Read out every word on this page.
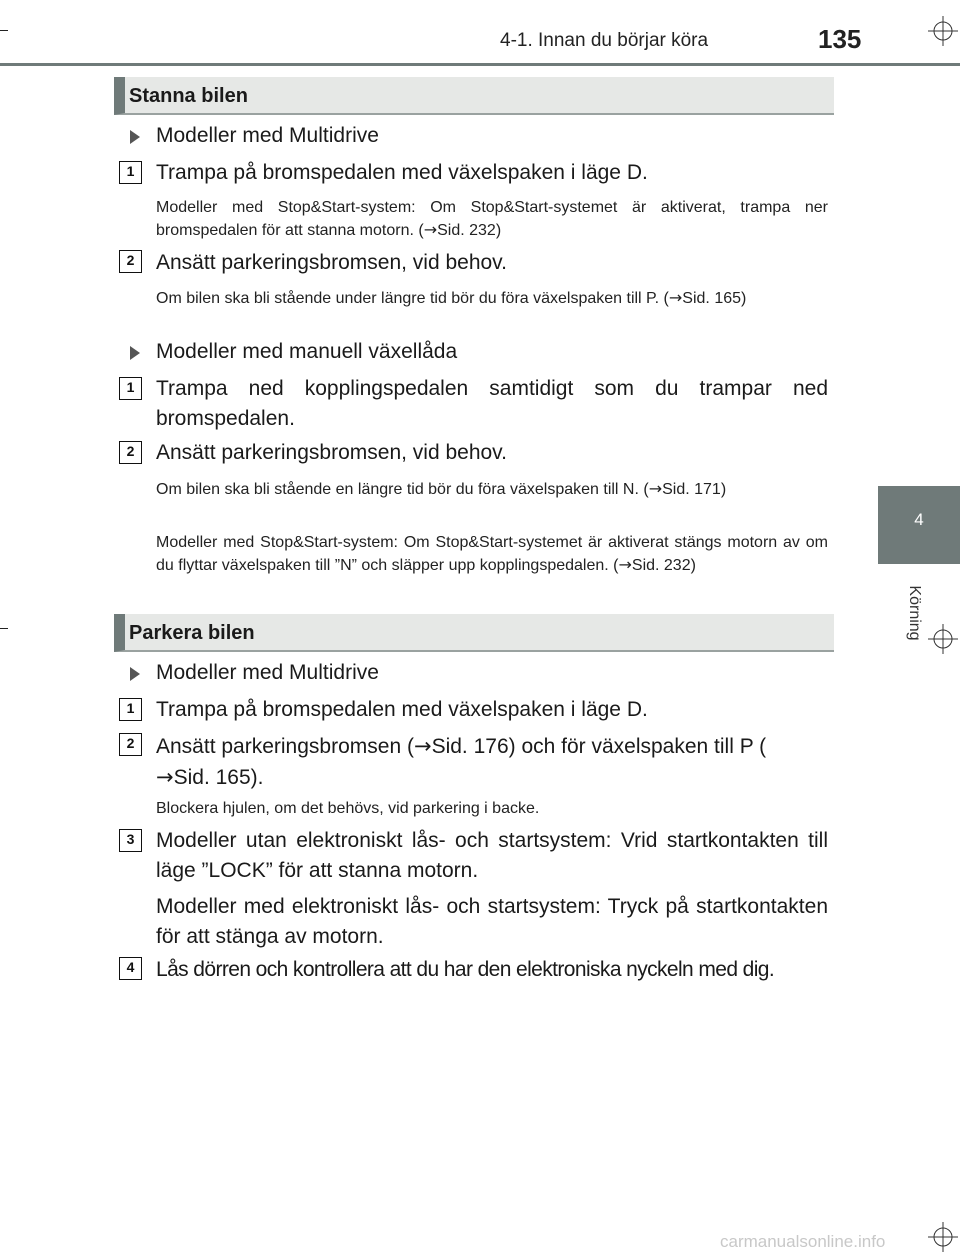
4-1. Innan du börjar köra	135
4
Körning
Stanna bilen
Modeller med Multidrive
1	Trampa på bromspedalen med växelspaken i läge D.
Modeller med Stop&Start-system: Om Stop&Start-systemet är aktiverat, trampa ner bromspedalen för att stanna motorn. (→Sid. 232)
2	Ansätt parkeringsbromsen, vid behov.
Om bilen ska bli stående under längre tid bör du föra växelspaken till P. (→Sid. 165)
Modeller med manuell växellåda
1	Trampa ned kopplingspedalen samtidigt som du trampar ned bromspedalen.
2	Ansätt parkeringsbromsen, vid behov.
Om bilen ska bli stående en längre tid bör du föra växelspaken till N. (→Sid. 171)
Modeller med Stop&Start-system: Om Stop&Start-systemet är aktiverat stängs motorn av om du flyttar växelspaken till ”N” och släpper upp kopplingspedalen. (→Sid. 232)
Parkera bilen
Modeller med Multidrive
1	Trampa på bromspedalen med växelspaken i läge D.
2	Ansätt parkeringsbromsen (→Sid. 176) och för växelspaken till P (
→Sid. 165).
Blockera hjulen, om det behövs, vid parkering i backe.
3	Modeller utan elektroniskt lås- och startsystem: Vrid startkontakten till läge ”LOCK” för att stanna motorn.
Modeller med elektroniskt lås- och startsystem: Tryck på startkontakten för att stänga av motorn.
4	Lås dörren och kontrollera att du har den elektroniska nyckeln med dig.
carmanualsonline.info
